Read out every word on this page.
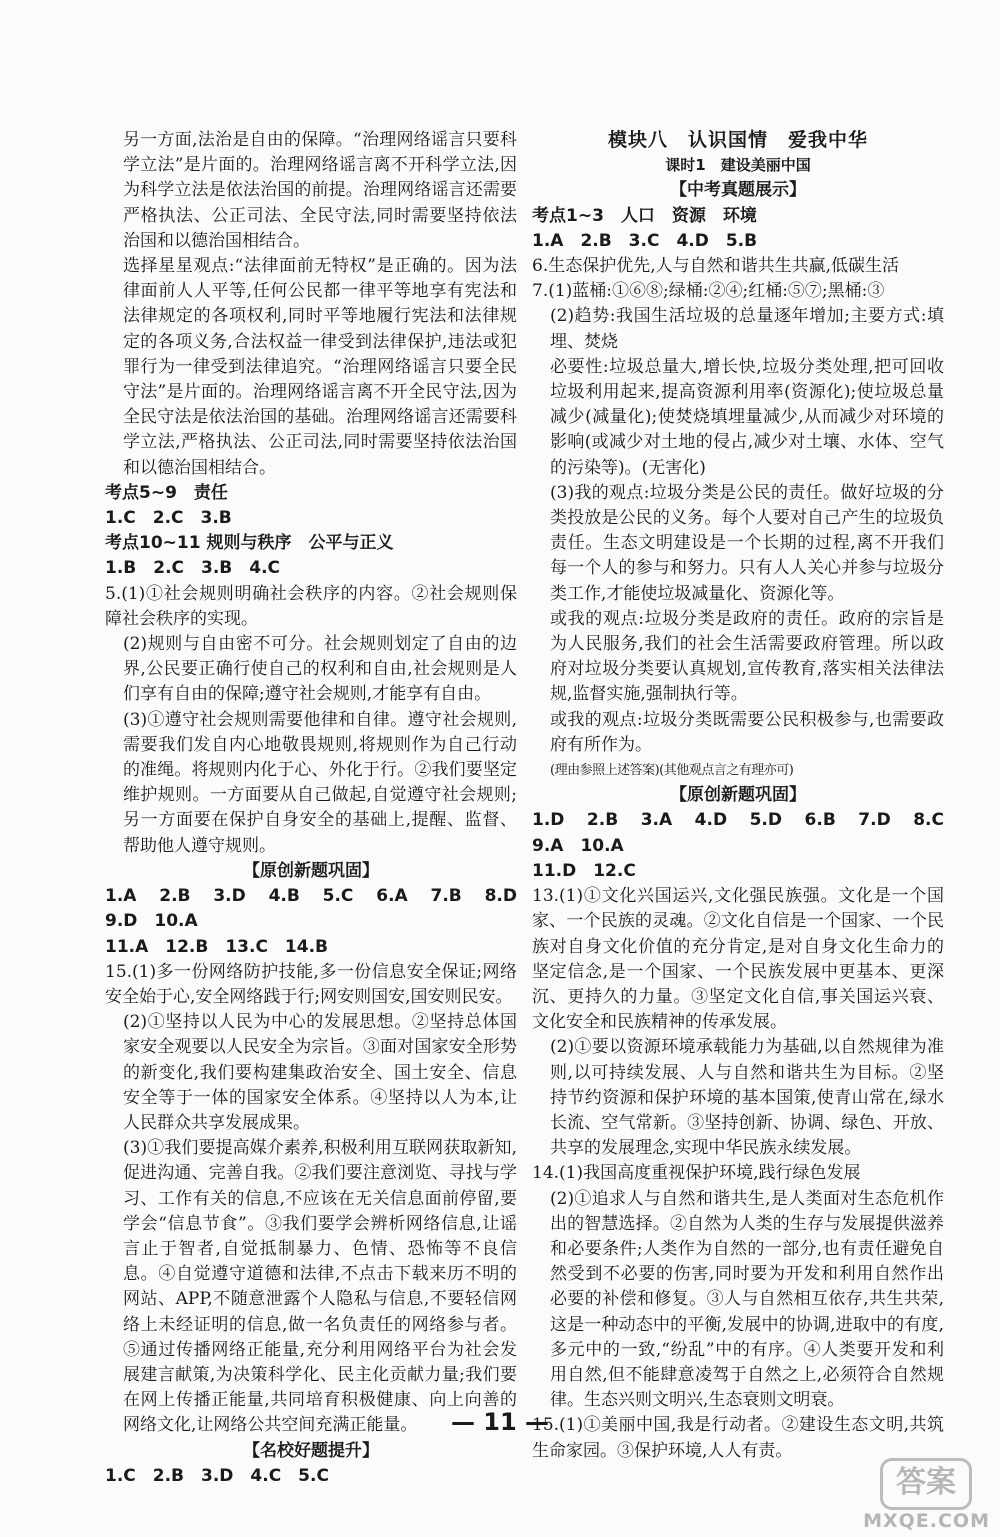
另一方面,法治是自由的保障。“治理网络谣言只要科学立法”是片面的。治理网络谣言离不开科学立法,因为科学立法是依法治国的前提。治理网络谣言还需要严格执法、公正司法、全民守法,同时需要坚持依法治国和以德治国相结合。

选择星星观点:“法律面前无特权”是正确的。因为法律面前人人平等,任何公民都一律平等地享有宪法和法律规定的各项权利,同时平等地履行宪法和法律规定的各项义务,合法权益一律受到法律保护,违法或犯罪行为一律受到法律追究。“治理网络谣言只要全民守法”是片面的。治理网络谣言离不开全民守法,因为全民守法是依法治国的基础。治理网络谣言还需要科学立法,严格执法、公正司法,同时需要坚持依法治国和以德治国相结合。

考点5~9　责任

1.C　2.C　3.B

考点10~11 规则与秩序　公平与正义

1.B　2.C　3.B　4.C

5.(1)①社会规则明确社会秩序的内容。②社会规则保障社会秩序的实现。

(2)规则与自由密不可分。社会规则划定了自由的边界,公民要正确行使自己的权利和自由,社会规则是人们享有自由的保障;遵守社会规则,才能享有自由。

(3)①遵守社会规则需要他律和自律。遵守社会规则,需要我们发自内心地敬畏规则,将规则作为自己行动的准绳。将规则内化于心、外化于行。②我们要坚定维护规则。一方面要从自己做起,自觉遵守社会规则;另一方面要在保护自身安全的基础上,提醒、监督、帮助他人遵守规则。

【原创新题巩固】

1.A　2.B　3.D　4.B　5.C　6.A　7.B　8.D　9.D　10.A

11.A　12.B　13.C　14.B

15.(1)多一份网络防护技能,多一份信息安全保证;网络安全始于心,安全网络践于行;网安则国安,国安则民安。

(2)①坚持以人民为中心的发展思想。②坚持总体国家安全观要以人民安全为宗旨。③面对国家安全形势的新变化,我们要构建集政治安全、国土安全、信息安全等于一体的国家安全体系。④坚持以人为本,让人民群众共享发展成果。

(3)①我们要提高媒介素养,积极利用互联网获取新知,促进沟通、完善自我。②我们要注意浏览、寻找与学习、工作有关的信息,不应该在无关信息面前停留,要学会“信息节食”。③我们要学会辨析网络信息,让谣言止于智者,自觉抵制暴力、色情、恐怖等不良信息。④自觉遵守道德和法律,不点击下载来历不明的网站、APP,不随意泄露个人隐私与信息,不要轻信网络上未经证明的信息,做一名负责任的网络参与者。⑤通过传播网络正能量,充分利用网络平台为社会发展建言献策,为决策科学化、民主化贡献力量;我们要在网上传播正能量,共同培育积极健康、向上向善的网络文化,让网络公共空间充满正能量。

【名校好题提升】

1.C　2.B　3.D　4.C　5.C

模块八　认识国情　爱我中华

课时1　建设美丽中国

【中考真题展示】

考点1~3　人口　资源　环境

1.A　2.B　3.C　4.D　5.B

6.生态保护优先,人与自然和谐共生共赢,低碳生活

7.(1)蓝桶:①⑥⑧;绿桶:②④;红桶:⑤⑦;黑桶:③

(2)趋势:我国生活垃圾的总量逐年增加;主要方式:填埋、焚烧

必要性:垃圾总量大,增长快,垃圾分类处理,把可回收垃圾利用起来,提高资源利用率(资源化);使垃圾总量减少(减量化);使焚烧填埋量减少,从而减少对环境的影响(或减少对土地的侵占,减少对土壤、水体、空气的污染等)。(无害化)

(3)我的观点:垃圾分类是公民的责任。做好垃圾的分类投放是公民的义务。每个人要对自己产生的垃圾负责任。生态文明建设是一个长期的过程,离不开我们每一个人的参与和努力。只有人人关心并参与垃圾分类工作,才能使垃圾减量化、资源化等。

或我的观点:垃圾分类是政府的责任。政府的宗旨是为人民服务,我们的社会生活需要政府管理。所以政府对垃圾分类要认真规划,宣传教育,落实相关法律法规,监督实施,强制执行等。

或我的观点:垃圾分类既需要公民积极参与,也需要政府有所作为。

(理由参照上述答案)(其他观点言之有理亦可)

【原创新题巩固】

1.D　2.B　3.A　4.D　5.D　6.B　7.D　8.C　9.A　10.A

11.D　12.C

13.(1)①文化兴国运兴,文化强民族强。文化是一个国家、一个民族的灵魂。②文化自信是一个国家、一个民族对自身文化价值的充分肯定,是对自身文化生命力的坚定信念,是一个国家、一个民族发展中更基本、更深沉、更持久的力量。③坚定文化自信,事关国运兴衰、文化安全和民族精神的传承发展。

(2)①要以资源环境承载能力为基础,以自然规律为准则,以可持续发展、人与自然和谐共生为目标。②坚持节约资源和保护环境的基本国策,使青山常在,绿水长流、空气常新。③坚持创新、协调、绿色、开放、共享的发展理念,实现中华民族永续发展。

14.(1)我国高度重视保护环境,践行绿色发展

(2)①追求人与自然和谐共生,是人类面对生态危机作出的智慧选择。②自然为人类的生存与发展提供滋养和必要条件;人类作为自然的一部分,也有责任避免自然受到不必要的伤害,同时要为开发和利用自然作出必要的补偿和修复。③人与自然相互依存,共生共荣,这是一种动态中的平衡,发展中的协调,进取中的有度,多元中的一致,“纷乱”中的有序。④人类要开发和利用自然,但不能肆意凌驾于自然之上,必须符合自然规律。生态兴则文明兴,生态衰则文明衰。

15.(1)①美丽中国,我是行动者。②建设生态文明,共筑生命家园。③保护环境,人人有责。

— 11 —
答案
MXQE.COM
